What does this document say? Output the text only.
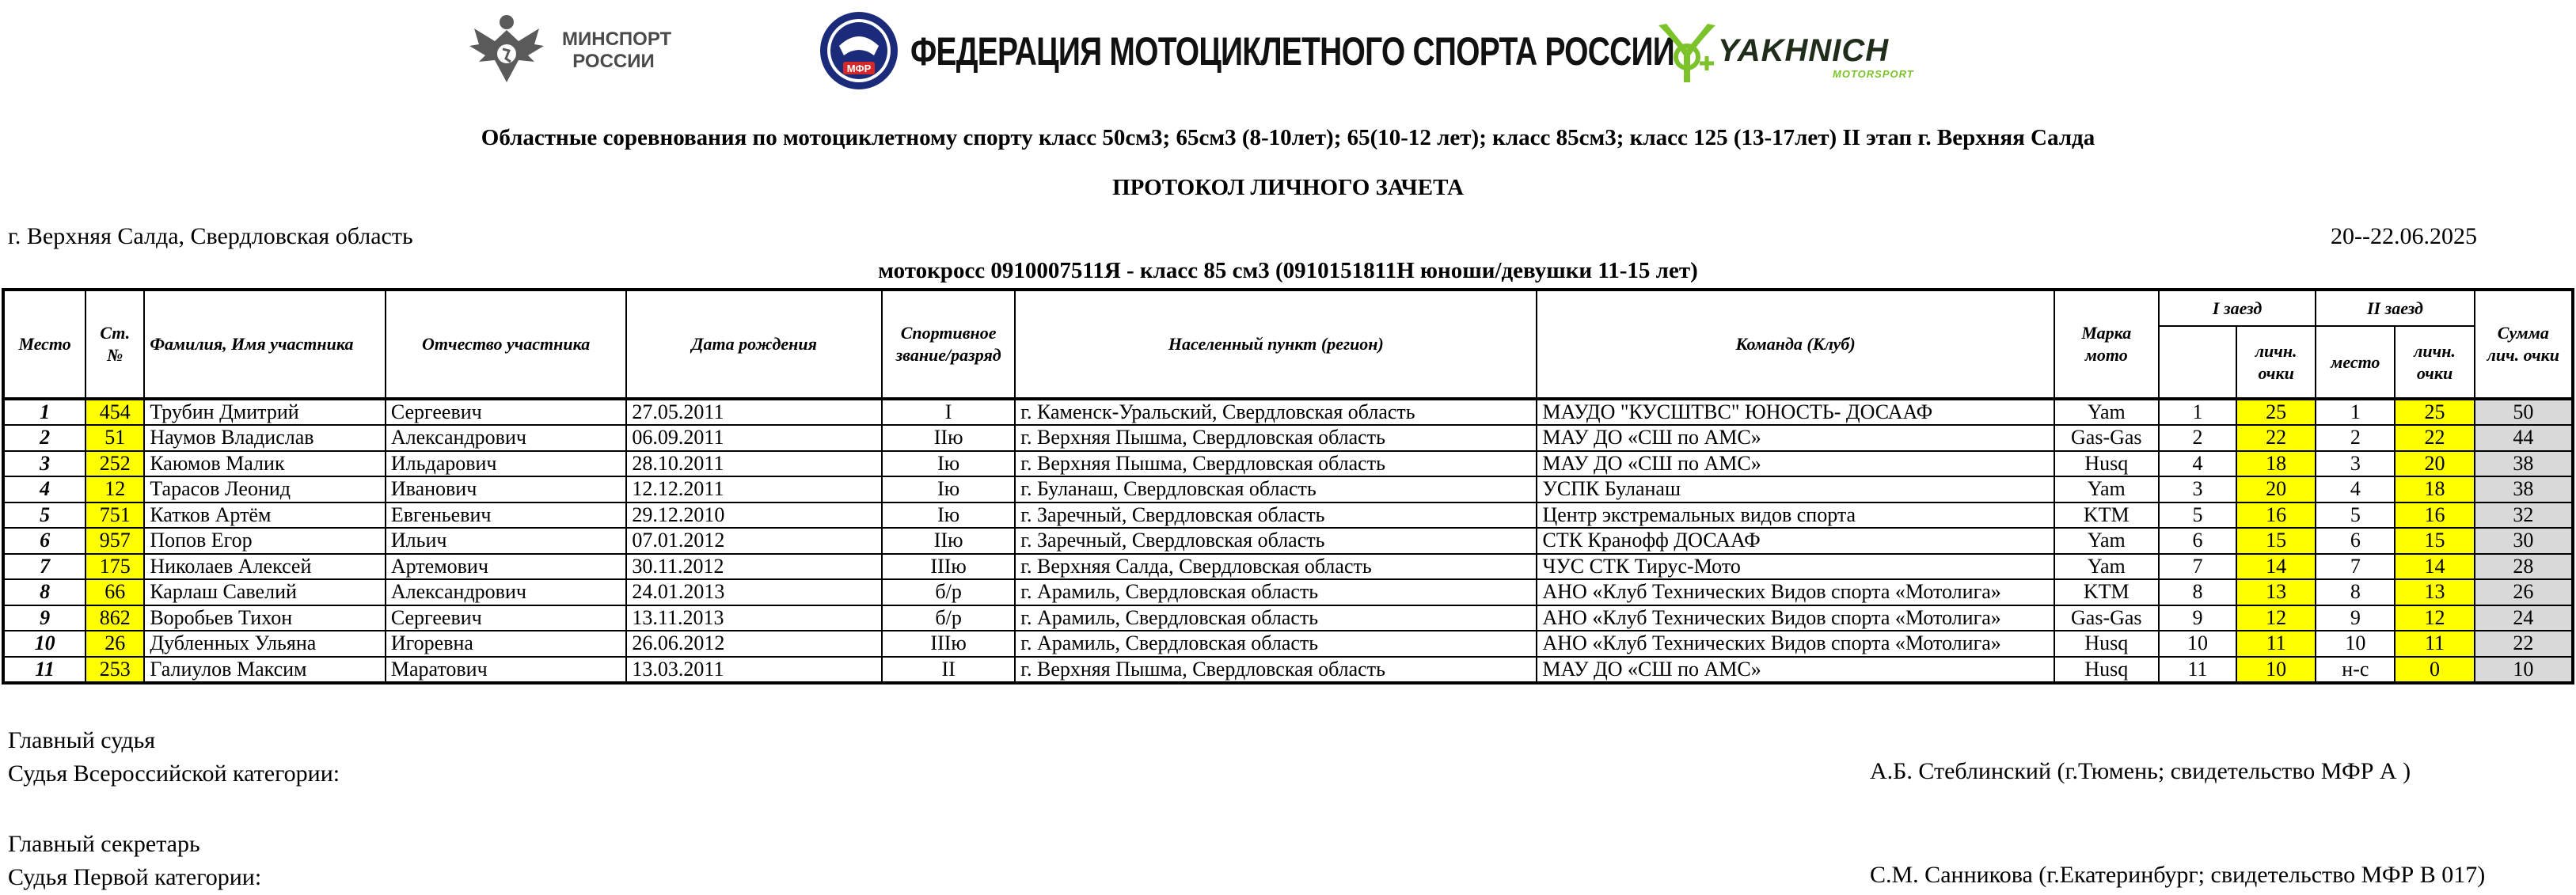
МИНСПОРТ
РОССИИ	МФР ФЕДЕРАЦИЯ МОТОЦИКЛЕТНОГО СПОРТА РОССИИ YAKHNICH
MOTORSPORT
Областные соревнования по мотоциклетному спорту класс 50см3; 65см3 (8-10лет); 65(10-12 лет); класс 85см3; класс 125 (13-17лет) II этап г. Верхняя Салда
ПРОТОКОЛ ЛИЧНОГО ЗАЧЕТА
г. Верхняя Салда, Свердловская область	20--22.06.2025
мотокросс 0910007511Я - класс 85 см3 (0910151811Н юноши/девушки 11-15 лет)
Место	Ст. №	Фамилия, Имя участника	Отчество участника	Дата рождения	Спортивное звание/разряд	Населенный пункт (регион)	Команда (Клуб)	Марка мото	I заезд		II заезд		Сумма лич. очки
										личн. очки	место	личн. очки	
1	454	Трубин Дмитрий	Сергеевич	27.05.2011	I	г. Каменск-Уральский, Свердловская область	МАУДО "КУСШТВС" ЮНОСТЬ- ДОСААФ	Yam	1	25	1	25	50
2	51	Наумов Владислав	Александрович	06.09.2011	IIю	г. Верхняя Пышма, Свердловская область	МАУ ДО «СШ по АМС»	Gas-Gas	2	22	2	22	44
3	252	Каюмов Малик	Ильдарович	28.10.2011	Iю	г. Верхняя Пышма, Свердловская область	МАУ ДО «СШ по АМС»	Husq	4	18	3	20	38
4	12	Тарасов Леонид	Иванович	12.12.2011	Iю	г. Буланаш, Свердловская область	УСПК Буланаш	Yam	3	20	4	18	38
5	751	Катков Артём	Евгеньевич	29.12.2010	Iю	г. Заречный, Свердловская область	Центр экстремальных видов спорта	KTM	5	16	5	16	32
6	957	Попов Егор	Ильич	07.01.2012	IIю	г. Заречный, Свердловская область	СТК Кранофф ДОСААФ	Yam	6	15	6	15	30
7	175	Николаев Алексей	Артемович	30.11.2012	IIIю	г. Верхняя Салда, Свердловская область	ЧУС СТК Тирус-Мото	Yam	7	14	7	14	28
8	66	Карлаш Савелий	Александрович	24.01.2013	б/р	г. Арамиль, Свердловская область	АНО «Клуб Технических Видов спорта «Мотолига»	KTM	8	13	8	13	26
9	862	Воробьев Тихон	Сергеевич	13.11.2013	б/р	г. Арамиль, Свердловская область	АНО «Клуб Технических Видов спорта «Мотолига»	Gas-Gas	9	12	9	12	24
10	26	Дубленных Ульяна	Игоревна	26.06.2012	IIIю	г. Арамиль, Свердловская область	АНО «Клуб Технических Видов спорта «Мотолига»	Husq	10	11	10	11	22
11	253	Галиулов Максим	Маратович	13.03.2011	II	г. Верхняя Пышма, Свердловская область	МАУ ДО «СШ по АМС»	Husq	11	10	н-с	0	10
Главный судья
Судья Всероссийской категории:	А.Б. Стеблинский (г.Тюмень; свидетельство МФР А )
Главный секретарь
Судья Первой категории:	С.М. Санникова (г.Екатеринбург; свидетельство МФР В 017)
